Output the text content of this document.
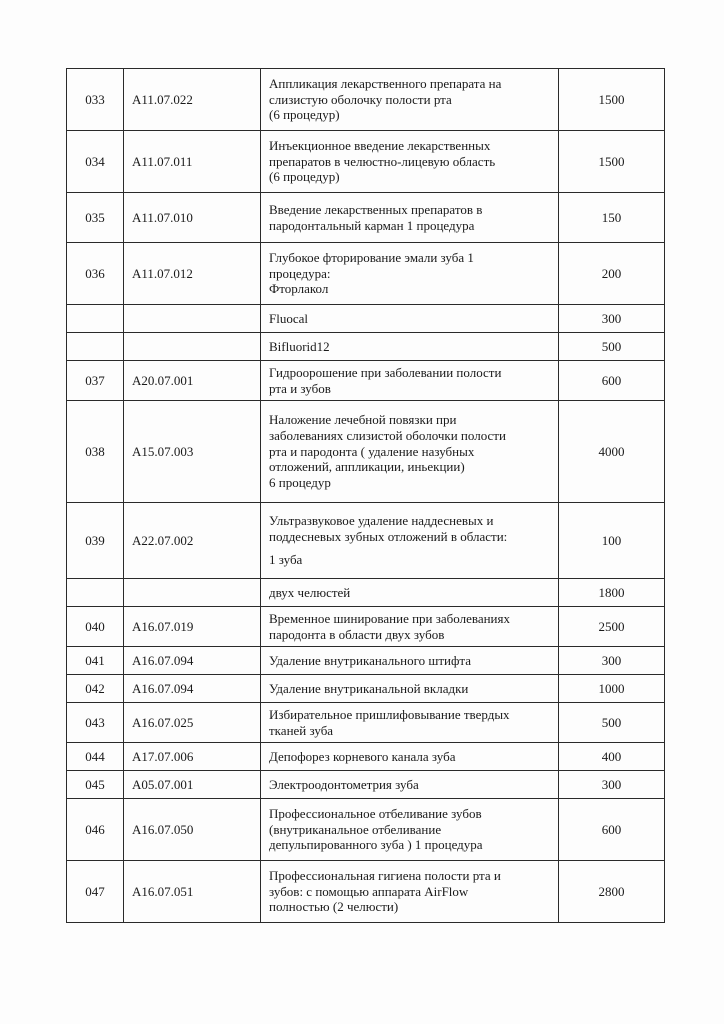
033	A11.07.022	Аппликация лекарственного препарата на
слизистую оболочку полости рта
(6 процедур)	1500
034	A11.07.011	Инъекционное введение лекарственных
препаратов в челюстно-лицевую область
(6 процедур)	1500
035	A11.07.010	Введение лекарственных препаратов в
пародонтальный карман 1 процедура	150
036	A11.07.012	Глубокое фторирование эмали зуба 1
процедура:
Фторлакол	200

		Fluocal	300

		Bifluorid12	500
037	A20.07.001	Гидроорошение при заболевании полости
рта и зубов	600
038	A15.07.003	Наложение лечебной повязки при
заболеваниях слизистой оболочки полости
рта и пародонта ( удаление назубных
отложений, аппликации, иньекции)
6 процедур	4000
039	A22.07.002	Ультразвуковое удаление наддесневых и
поддесневых зубных отложений в области:
1 зуба	100

		двух челюстей	1800
040	A16.07.019	Временное шинирование при заболеваниях
пародонта в области двух зубов	2500
041	A16.07.094	Удаление внутриканального штифта	300
042	A16.07.094	Удаление внутриканальной вкладки	1000
043	A16.07.025	Избирательное пришлифовывание твердых
тканей зуба	500
044	A17.07.006	Депофорез корневого канала зуба	400
045	A05.07.001	Электроодонтометрия зуба	300
046	A16.07.050	Профессиональное отбеливание зубов
(внутриканальное отбеливание
депульпированного зуба ) 1 процедура	600
047	A16.07.051	Профессиональная гигиена полости рта и
зубов: с помощью аппарата AirFlow
полностью (2 челюсти)	2800
